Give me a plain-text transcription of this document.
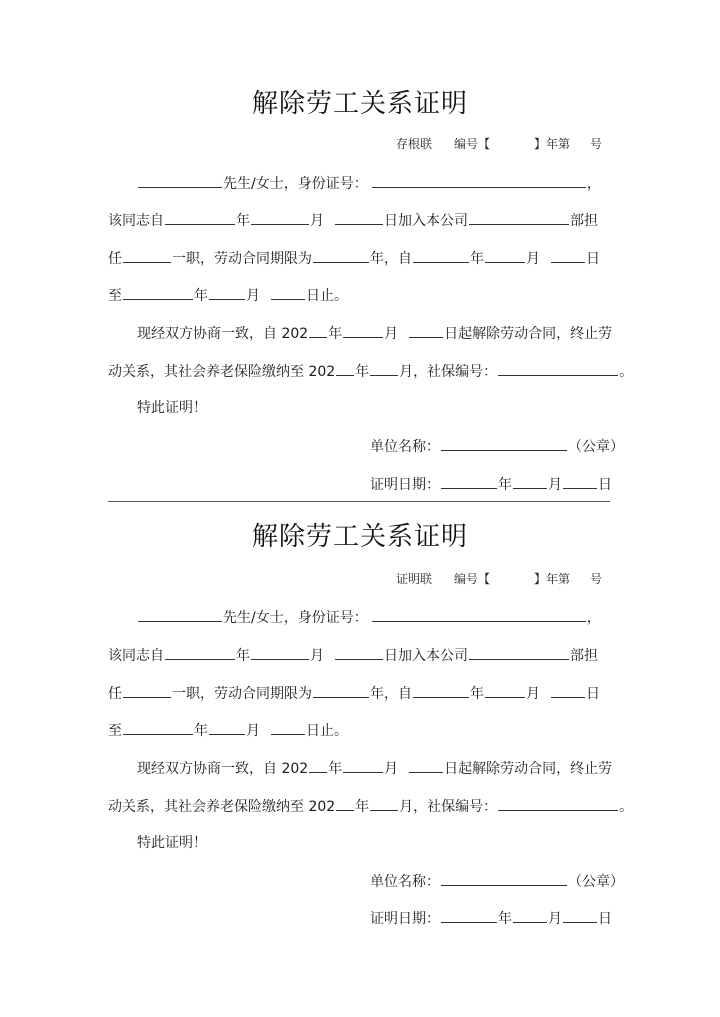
解除劳工关系证明
存根联 编号【	】年第 号
先生/女士，身份证号：	，
该同志自	年	月	日加入本公司	部担
任	一职，劳动合同期限为	年，自	年	月	日
至	年	月	日止。
现经双方协商一致，自 202 年	月	日起解除劳动合同，终止劳
动关系，其社会养老保险缴纳至 202 年 月，社保编号：	。
特此证明！
单位名称：	（公章）
证明日期：	年	月	日
解除劳工关系证明
证明联 编号【	】年第 号
先生/女士，身份证号：	，
该同志自	年	月	日加入本公司	部担
任	一职，劳动合同期限为	年，自	年	月	日
至	年	月	日止。
现经双方协商一致，自 202 年	月	日起解除劳动合同，终止劳
动关系，其社会养老保险缴纳至 202 年 月，社保编号：	。
特此证明！
单位名称：	（公章）
证明日期：	年	月	日
